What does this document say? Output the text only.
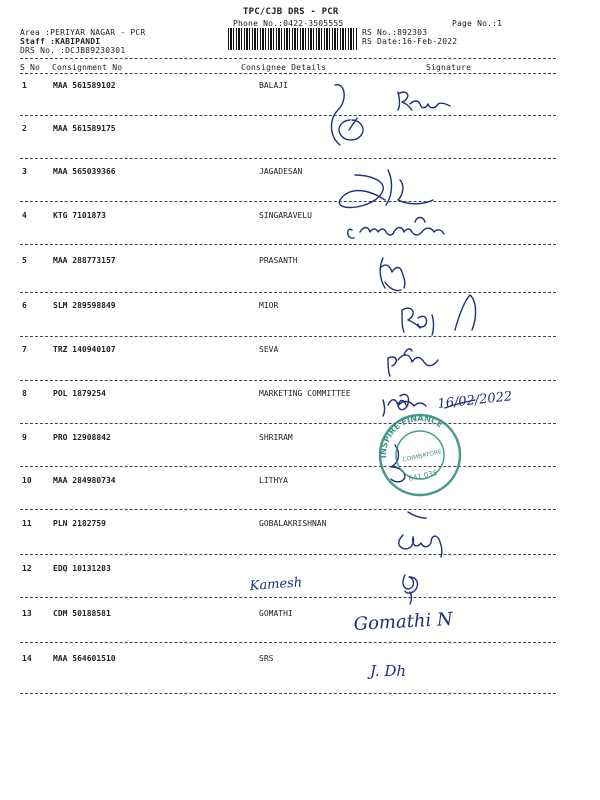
TPC/CJB DRS - PCR
Phone No.:0422-3505555	Page No.:1
Area :PERIYAR NAGAR - PCR
Staff :KABIPANDI
DRS No. :DCJB89230301
RS No.:892303
RS Date:16-Feb-2022
S No Consignment No	Consignee Details	Signature
1	MAA 561589102	BALAJI
2	MAA 561589175
3	MAA 565039366	JAGADESAN
4	KTG 7101873	SINGARAVELU
5	MAA 288773157	PRASANTH
6	SLM 289598849	MIOR
7	TRZ 140940107	SEVA
8	POL 1879254	MARKETING COMMITTEE
9	PRO 12908842	SHRIRAM
10	MAA 284980734	LITHYA
11	PLN 2182759	GOBALAKRISHNAN
12	EDQ 10131203
13	CDM 50188581	GOMATHI
14	MAA 564601510	SRS
16/02/2022
Kamesh
Gomathi N
J. Dh
INSPIRE FINANCE
COIMBATORE
641 035
